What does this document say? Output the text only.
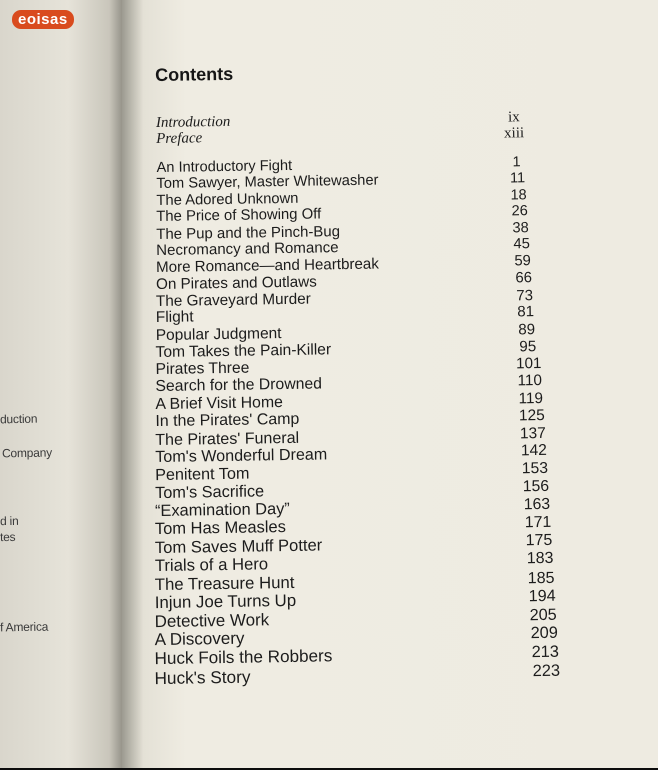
eoisas
duction
Company
d in
tes
f America
Contents
Introduction	ix
Preface	xiii
An Introductory Fight	1
Tom Sawyer, Master Whitewasher	11
The Adored Unknown	18
The Price of Showing Off	26
The Pup and the Pinch-Bug	38
Necromancy and Romance	45
More Romance—and Heartbreak	59
On Pirates and Outlaws	66
The Graveyard Murder	73
Flight	81
Popular Judgment	89
Tom Takes the Pain-Killer	95
Pirates Three	101
Search for the Drowned	110
A Brief Visit Home	119
In the Pirates' Camp	125
The Pirates' Funeral	137
Tom's Wonderful Dream	142
Penitent Tom	153
Tom's Sacrifice	156
“Examination Day”	163
Tom Has Measles	171
Tom Saves Muff Potter	175
Trials of a Hero	183
The Treasure Hunt	185
Injun Joe Turns Up	194
Detective Work	205
A Discovery	209
Huck Foils the Robbers	213
Huck's Story	223
